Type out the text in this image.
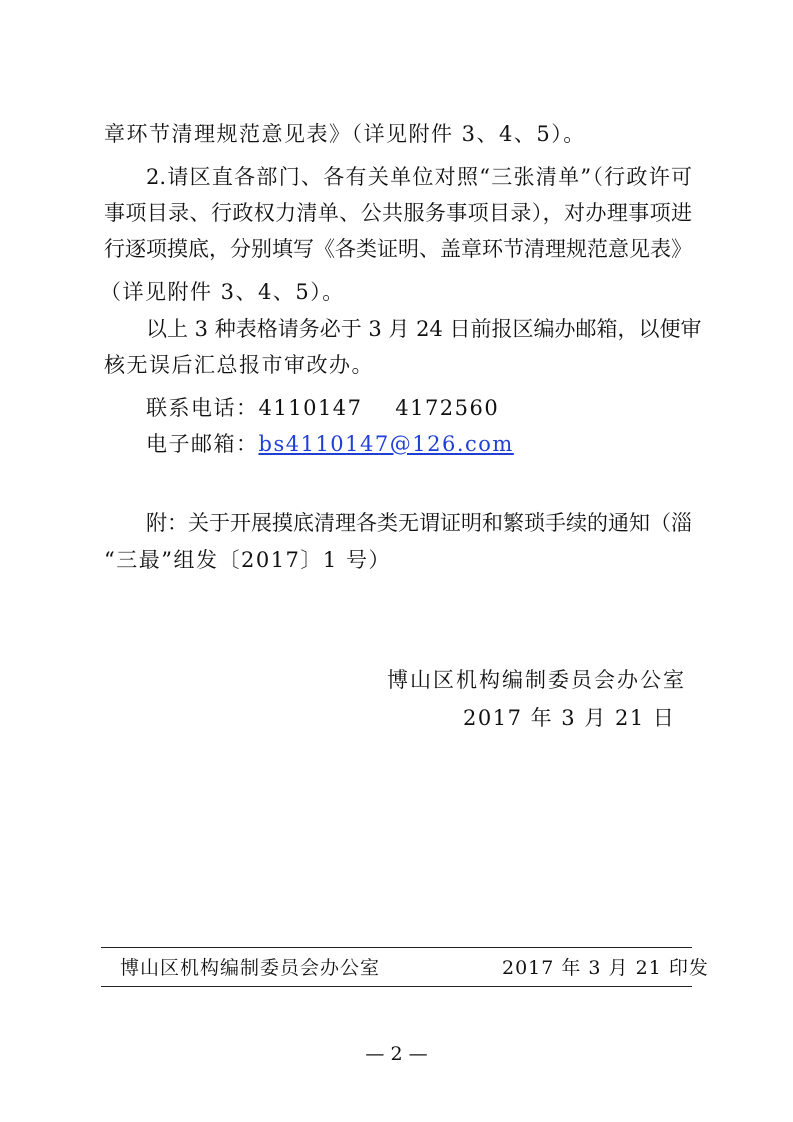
章环节清理规范意见表》（详见附件 3、4、5）。
2.请区直各部门、各有关单位对照“三张清单”（行政许可
事项目录、行政权力清单、公共服务事项目录），对办理事项进
行逐项摸底，分别填写《各类证明、盖章环节清理规范意见表》
（详见附件 3、4、5）。
以上 3 种表格请务必于 3 月 24 日前报区编办邮箱，以便审
核无误后汇总报市审改办。
联系电话：4110147    4172560
电子邮箱：bs4110147@126.com
附：关于开展摸底清理各类无谓证明和繁琐手续的通知（淄
“三最”组发〔2017〕1 号）
博山区机构编制委员会办公室
2017 年 3 月 21 日
博山区机构编制委员会办公室	2017 年 3 月 21 印发
— 2 —
